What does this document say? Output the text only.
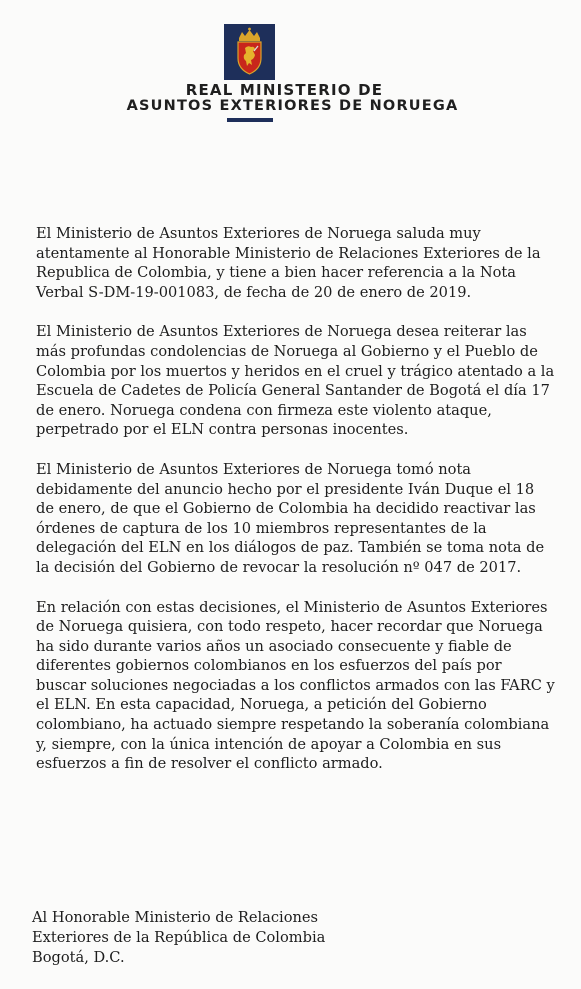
REAL MINISTERIO DE
ASUNTOS EXTERIORES DE NORUEGA

El Ministerio de Asuntos Exteriores de Noruega saluda muy atentamente al Honorable Ministerio de Relaciones Exteriores de la Republica de Colombia, y tiene a bien hacer referencia a la Nota Verbal S-DM-19-001083, de fecha de 20 de enero de 2019.

El Ministerio de Asuntos Exteriores de Noruega desea reiterar las más profundas condolencias de Noruega al Gobierno y el Pueblo de Colombia por los muertos y heridos en el cruel y trágico atentado a la Escuela de Cadetes de Policía General Santander de Bogotá el día 17 de enero. Noruega condena con firmeza este violento ataque, perpetrado por el ELN contra personas inocentes.

El Ministerio de Asuntos Exteriores de Noruega tomó nota debidamente del anuncio hecho por el presidente Iván Duque el 18 de enero, de que el Gobierno de Colombia ha decidido reactivar las órdenes de captura de los 10 miembros representantes de la delegación del ELN en los diálogos de paz. También se toma nota de la decisión del Gobierno de revocar la resolución nº 047 de 2017.

En relación con estas decisiones, el Ministerio de Asuntos Exteriores de Noruega quisiera, con todo respeto, hacer recordar que Noruega ha sido durante varios años un asociado consecuente y fiable de diferentes gobiernos colombianos en los esfuerzos del país por buscar soluciones negociadas a los conflictos armados con las FARC y el ELN. En esta capacidad, Noruega, a petición del Gobierno colombiano, ha actuado siempre respetando la soberanía colombiana y, siempre, con la única intención de apoyar a Colombia en sus esfuerzos a fin de resolver el conflicto armado.

Al Honorable Ministerio de Relaciones
Exteriores de la República de Colombia
Bogotá, D.C.
